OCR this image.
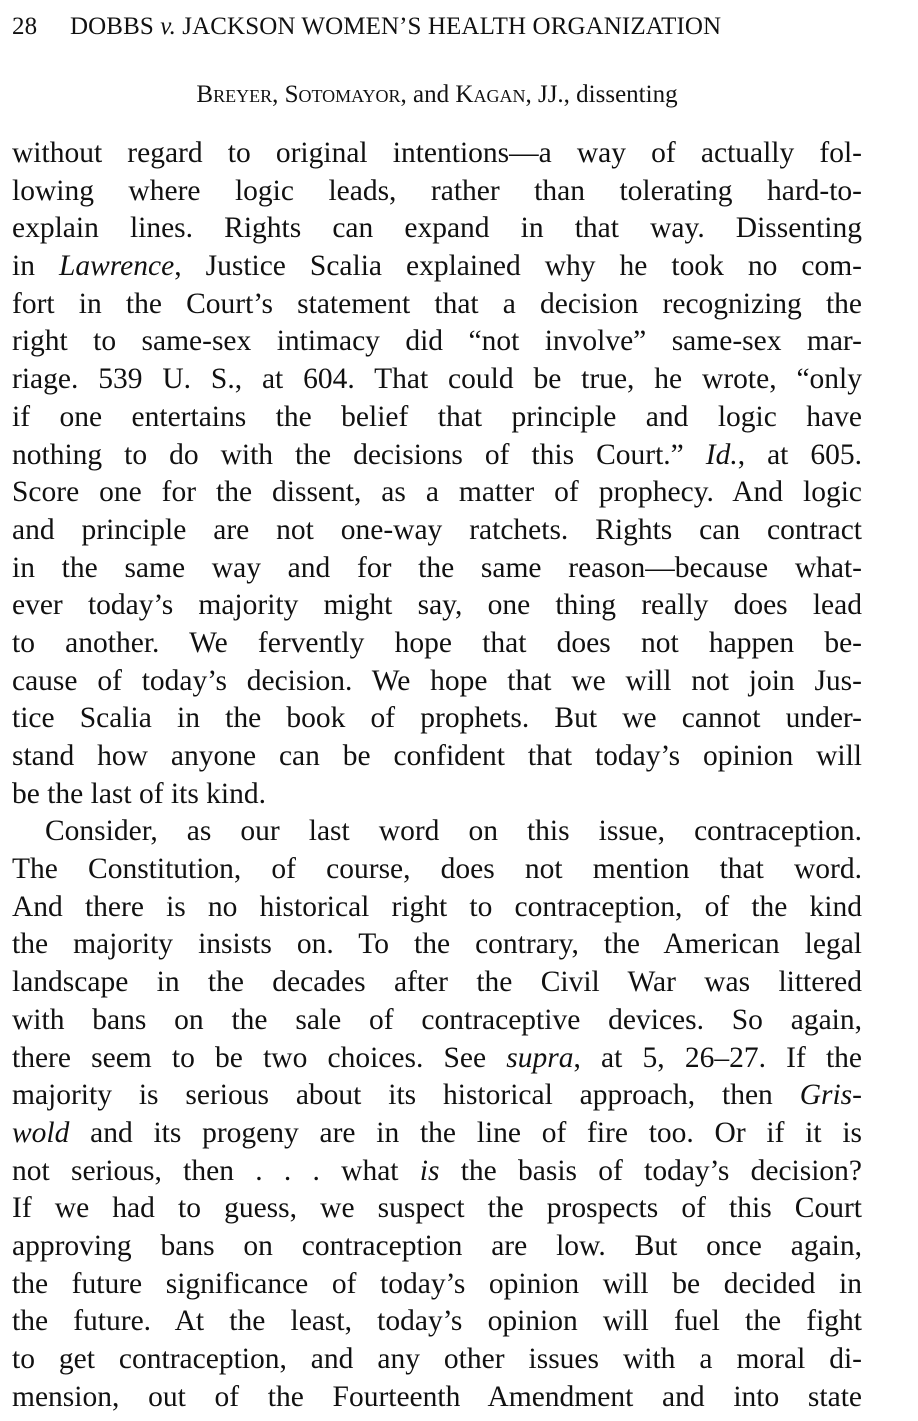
28 DOBBS v. JACKSON WOMEN’S HEALTH ORGANIZATION
Breyer, Sotomayor, and Kagan, JJ., dissenting
without regard to original intentions—a way of actually fol-
lowing where logic leads, rather than tolerating hard-to-
explain lines. Rights can expand in that way. Dissenting
in Lawrence, Justice Scalia explained why he took no com-
fort in the Court’s statement that a decision recognizing the
right to same-sex intimacy did “not involve” same-sex mar-
riage. 539 U. S., at 604. That could be true, he wrote, “only
if one entertains the belief that principle and logic have
nothing to do with the decisions of this Court.” Id., at 605.
Score one for the dissent, as a matter of prophecy. And logic
and principle are not one-way ratchets. Rights can contract
in the same way and for the same reason—because what-
ever today’s majority might say, one thing really does lead
to another. We fervently hope that does not happen be-
cause of today’s decision. We hope that we will not join Jus-
tice Scalia in the book of prophets. But we cannot under-
stand how anyone can be confident that today’s opinion will
be the last of its kind.
Consider, as our last word on this issue, contraception.
The Constitution, of course, does not mention that word.
And there is no historical right to contraception, of the kind
the majority insists on. To the contrary, the American legal
landscape in the decades after the Civil War was littered
with bans on the sale of contraceptive devices. So again,
there seem to be two choices. See supra, at 5, 26–27. If the
majority is serious about its historical approach, then Gris-
wold and its progeny are in the line of fire too. Or if it is
not serious, then . . . what is the basis of today’s decision?
If we had to guess, we suspect the prospects of this Court
approving bans on contraception are low. But once again,
the future significance of today’s opinion will be decided in
the future. At the least, today’s opinion will fuel the fight
to get contraception, and any other issues with a moral di-
mension, out of the Fourteenth Amendment and into state
